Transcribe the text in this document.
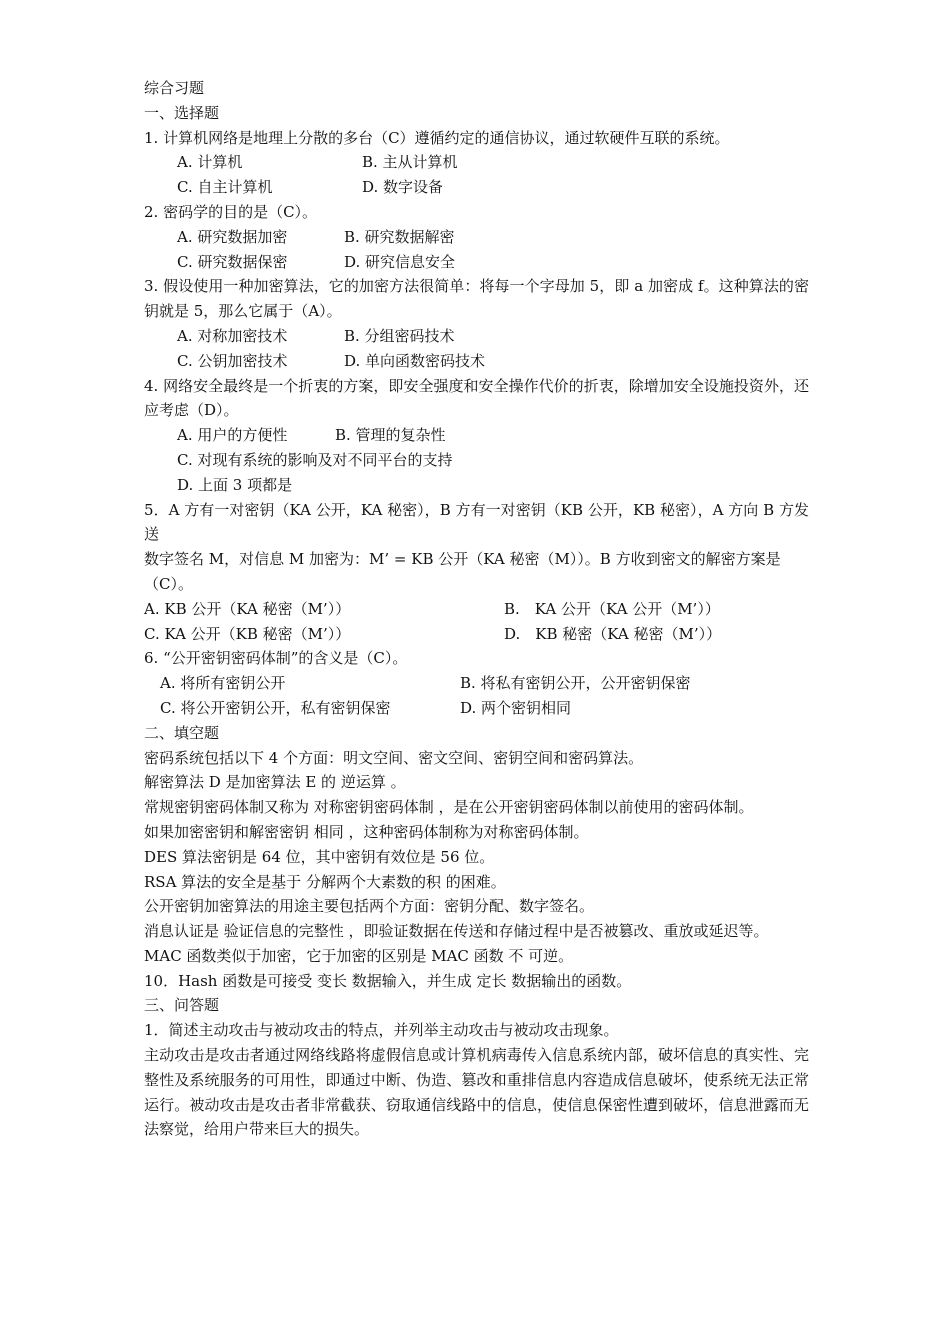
综合习题
一、选择题
1. 计算机网络是地理上分散的多台（C）遵循约定的通信协议，通过软硬件互联的系统。
A. 计算机	B. 主从计算机
C. 自主计算机	D. 数字设备
2. 密码学的目的是（C）。
A. 研究数据加密	B. 研究数据解密
C. 研究数据保密	D. 研究信息安全
3. 假设使用一种加密算法，它的加密方法很简单：将每一个字母加 5，即 a 加密成 f。这种算法的密钥就是 5，那么它属于（A）。
A. 对称加密技术	B. 分组密码技术
C. 公钥加密技术	D. 单向函数密码技术
4. 网络安全最终是一个折衷的方案，即安全强度和安全操作代价的折衷，除增加安全设施投资外，还应考虑（D）。
A. 用户的方便性	B. 管理的复杂性
C. 对现有系统的影响及对不同平台的支持
D. 上面 3 项都是
5．A 方有一对密钥（KA 公开，KA 秘密），B 方有一对密钥（KB 公开，KB 秘密），A 方向 B 方发送
数字签名 M，对信息 M 加密为：M’ = KB 公开（KA 秘密（M））。B 方收到密文的解密方案是
（C）。
A. KB 公开（KA 秘密（M’））	B.　KA 公开（KA 公开（M’））
C. KA 公开（KB 秘密（M’））	D.　KB 秘密（KA 秘密（M’））
6. “公开密钥密码体制”的含义是（C）。
A. 将所有密钥公开	B. 将私有密钥公开，公开密钥保密
C. 将公开密钥公开，私有密钥保密	D. 两个密钥相同
二、填空题
密码系统包括以下 4 个方面：明文空间、密文空间、密钥空间和密码算法。
解密算法 D 是加密算法 E 的 逆运算 。
常规密钥密码体制又称为 对称密钥密码体制 ，是在公开密钥密码体制以前使用的密码体制。
如果加密密钥和解密密钥 相同 ，这种密码体制称为对称密码体制。
DES 算法密钥是 64 位，其中密钥有效位是 56 位。
RSA 算法的安全是基于 分解两个大素数的积 的困难。
公开密钥加密算法的用途主要包括两个方面：密钥分配、数字签名。
消息认证是 验证信息的完整性 ，即验证数据在传送和存储过程中是否被篡改、重放或延迟等。
MAC 函数类似于加密，它于加密的区别是 MAC 函数 不 可逆。
10．Hash 函数是可接受 变长 数据输入，并生成 定长 数据输出的函数。
三、问答题
1．简述主动攻击与被动攻击的特点，并列举主动攻击与被动攻击现象。
主动攻击是攻击者通过网络线路将虚假信息或计算机病毒传入信息系统内部，破坏信息的真实性、完整性及系统服务的可用性，即通过中断、伪造、篡改和重排信息内容造成信息破坏，使系统无法正常运行。被动攻击是攻击者非常截获、窃取通信线路中的信息，使信息保密性遭到破坏，信息泄露而无法察觉，给用户带来巨大的损失。
